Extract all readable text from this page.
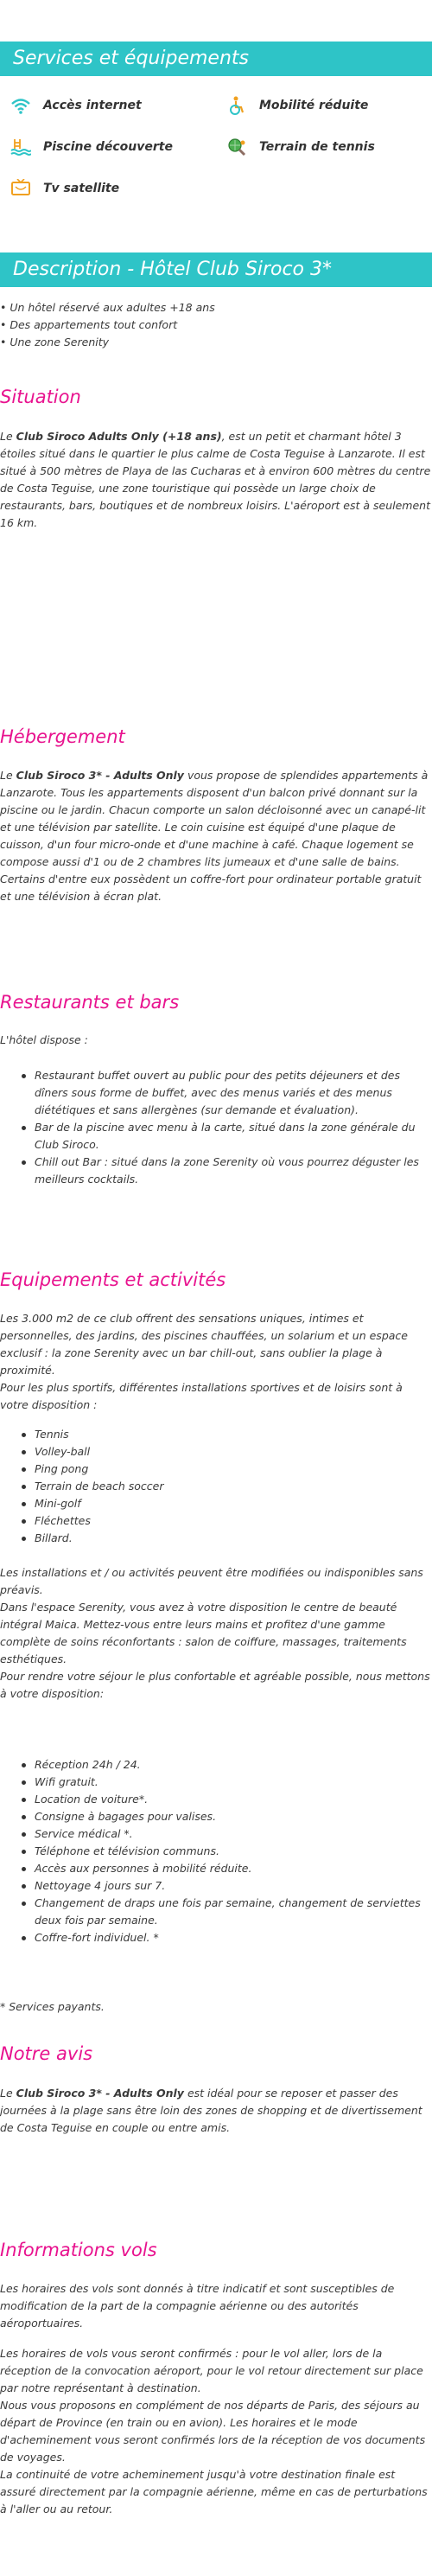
Services et équipements
Accès internet	Mobilité réduite
Piscine découverte	Terrain de tennis
Tv satellite
Description - Hôtel Club Siroco 3*
• Un hôtel réservé aux adultes +18 ans
• Des appartements tout confort
• Une zone Serenity
Situation
Le Club Siroco Adults Only (+18 ans), est un petit et charmant hôtel 3 étoiles situé dans le quartier le plus calme de Costa Teguise à Lanzarote. Il est situé à 500 mètres de Playa de las Cucharas et à environ 600 mètres du centre de Costa Teguise, une zone touristique qui possède un large choix de restaurants, bars, boutiques et de nombreux loisirs. L'aéroport est à seulement 16 km.
Hébergement
Le Club Siroco 3* - Adults Only vous propose de splendides appartements à Lanzarote. Tous les appartements disposent d'un balcon privé donnant sur la piscine ou le jardin. Chacun comporte un salon décloisonné avec un canapé-lit et une télévision par satellite. Le coin cuisine est équipé d'une plaque de cuisson, d'un four micro-onde et d'une machine à café. Chaque logement se compose aussi d'1 ou de 2 chambres lits jumeaux et d'une salle de bains. Certains d'entre eux possèdent un coffre-fort pour ordinateur portable gratuit et une télévision à écran plat.
Restaurants et bars
L'hôtel dispose :
Restaurant buffet ouvert au public pour des petits déjeuners et des dîners sous forme de buffet, avec des menus variés et des menus diététiques et sans allergènes (sur demande et évaluation).
Bar de la piscine avec menu à la carte, situé dans la zone générale du Club Siroco.
Chill out Bar : situé dans la zone Serenity où vous pourrez déguster les meilleurs cocktails.
Equipements et activités

Les 3.000 m2 de ce club offrent des sensations uniques, intimes et personnelles, des jardins, des piscines chauffées, un solarium et un espace exclusif : la zone Serenity avec un bar chill-out, sans oublier la plage à proximité.

Pour les plus sportifs, différentes installations sportives et de loisirs sont à votre disposition :

Tennis
Volley-ball
Ping pong
Terrain de beach soccer
Mini-golf
Fléchettes
Billard.

Les installations et / ou activités peuvent être modifiées ou indisponibles sans préavis.

Dans l'espace Serenity, vous avez à votre disposition le centre de beauté intégral Maica. Mettez-vous entre leurs mains et profitez d'une gamme complète de soins réconfortants : salon de coiffure, massages, traitements esthétiques.

Pour rendre votre séjour le plus confortable et agréable possible, nous mettons à votre disposition:

Réception 24h / 24.
Wifi gratuit.
Location de voiture*.
Consigne à bagages pour valises.
Service médical *.
Téléphone et télévision communs.
Accès aux personnes à mobilité réduite.
Nettoyage 4 jours sur 7.
Changement de draps une fois par semaine, changement de serviettes deux fois par semaine.
Coffre-fort individuel. *
* Services payants.
Notre avis
Le Club Siroco 3* - Adults Only est idéal pour se reposer et passer des journées à la plage sans être loin des zones de shopping et de divertissement de Costa Teguise en couple ou entre amis.
Informations vols
Les horaires des vols sont donnés à titre indicatif et sont susceptibles de modification de la part de la compagnie aérienne ou des autorités aéroportuaires.

Les horaires de vols vous seront confirmés : pour le vol aller, lors de la réception de la convocation aéroport, pour le vol retour directement sur place par notre représentant à destination.

Nous vous proposons en complément de nos départs de Paris, des séjours au départ de Province (en train ou en avion). Les horaires et le mode d'acheminement vous seront confirmés lors de la réception de vos documents de voyages.

La continuité de votre acheminement jusqu'à votre destination finale est assuré directement par la compagnie aérienne, même en cas de perturbations à l'aller ou au retour.
